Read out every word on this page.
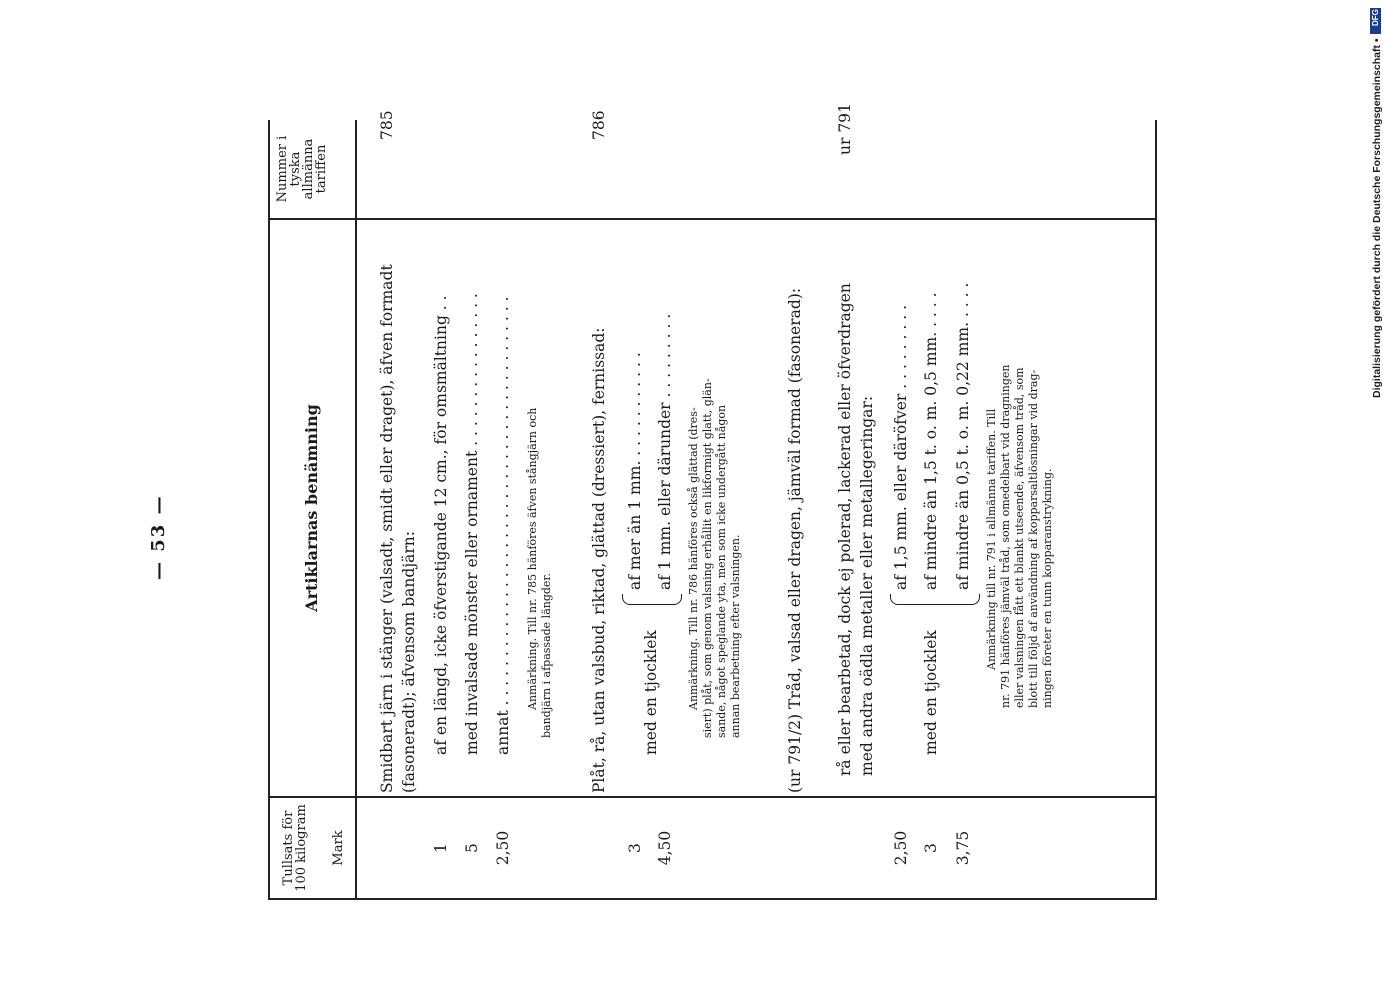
— 53 —
Nummer i tyska allmänna tariffen
Artiklarnas benämning
Tullsats för 100 kilogram Mark
785
Smidbart järn i stänger (valsadt, smidt eller draget), äfven formadt (fasoneradt); äfvensom bandjärn: af en längd, icke öfverstigande 12 cm., för omsmältning . . med invalsade mönster eller ornament . . . . . . . . . . . . . . . . annat . . . . . . . . . . . . . . . . . . . . . . . . . . . . . . . . . . . . . . . . . .
1 5 2,50
Anmärkning. Till nr. 785 hänföres äfven stångjärn och bandjärn i afpassade längder.
786
Plåt, rå, utan valsbud, riktad, glättad (dressiert), fernissad: med en tjocklek
af mer än 1 mm. . . . . . . . . . . . af 1 mm. eller därunder . . . . . . . . .
3 4,50
Anmärkning. Till nr. 786 hänföres också glättad (dres- siert) plåt, som genom valsning erhållit en likformigt glatt, glän- sande, något speglande yta, men som icke undergått någon annan bearbetning efter valsningen.	(ur 791/2) Tråd, valsad eller dragen, jämväl formad (fasonerad):
ur 791
rå eller bearbetad, dock ej polerad, lackerad eller öfverdragen med andra oädla metaller eller metallegeringar:	med en tjocklek
af 1,5 mm. eller däröfver . . . . . . . . . af mindre än 1,5 t. o. m. 0,5 mm. . . . . af mindre än 0,5 t. o. m. 0,22 mm. . . . .
2,50 3 3,75
Anmärkning till nr. 791 i allmänna tariffen. Till nr. 791 hänföres jämväl tråd, som omedelbart vid dragningen eller valsningen fått ett blankt utseende, äfvensom tråd, som blott till följd af användning af kopparsaltlösningar vid drag- ningen företer en tunn kopparanstrykning.
Digitalisierung gefördert durch die Deutsche Forschungsgemeinschaft •
DFG
